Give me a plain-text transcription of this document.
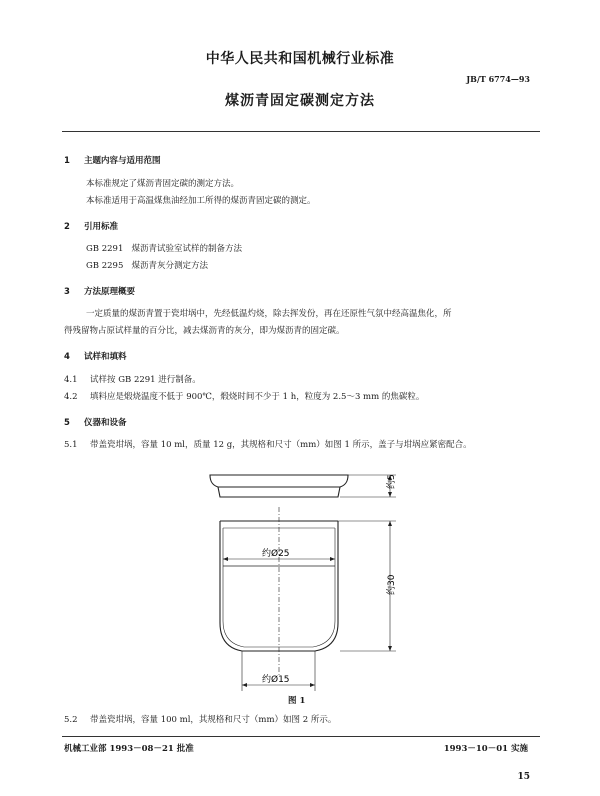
中华人民共和国机械行业标准
JB/T 6774—93
煤沥青固定碳测定方法
1 主题内容与适用范围
本标准规定了煤沥青固定碳的测定方法。
本标准适用于高温煤焦油经加工所得的煤沥青固定碳的测定。
2 引用标准
GB 2291   煤沥青试验室试样的制备方法
GB 2295   煤沥青灰分测定方法
3 方法原理概要
一定质量的煤沥青置于瓷坩埚中，先经低温灼烧，除去挥发份，再在还原性气氛中经高温焦化，所
得残留物占原试样量的百分比，减去煤沥青的灰分，即为煤沥青的固定碳。
4 试样和填料
4.1 试样按 GB 2291 进行制备。
4.2 填料应是煅烧温度不低于 900℃，煅烧时间不少于 1 h，粒度为 2.5～3 mm 的焦碳粒。
5 仪器和设备
5.1 带盖瓷坩埚，容量 10 ml，质量 12 g，其规格和尺寸（mm）如图 1 所示，盖子与坩埚应紧密配合。
约5
约30
约Ø25
约Ø15
图 1
5.2 带盖瓷坩埚，容量 100 ml，其规格和尺寸（mm）如图 2 所示。
机械工业部 1993－08－21 批准	1993－10－01 实施
15
